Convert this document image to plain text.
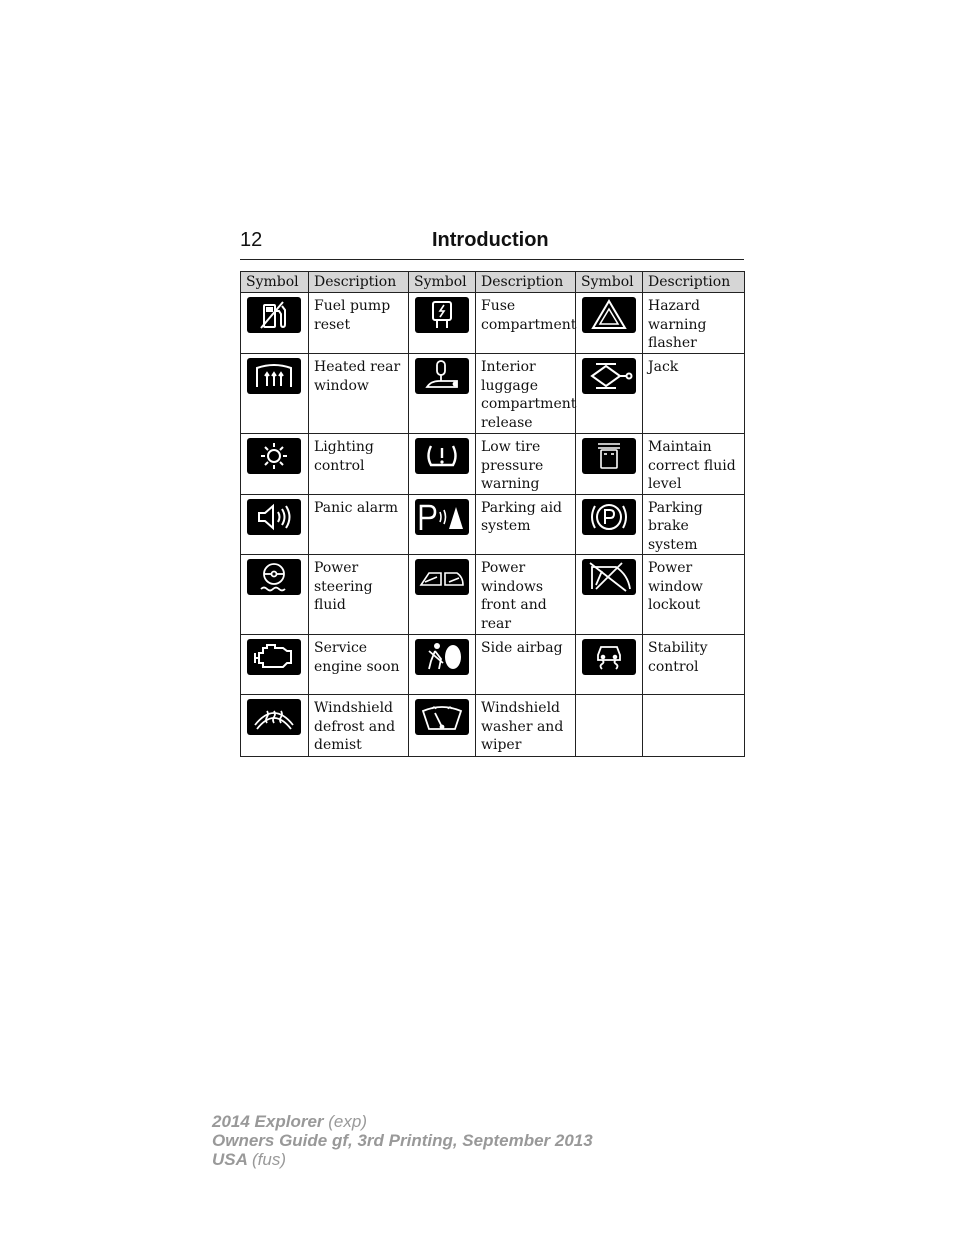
12	Introduction
Symbol	Description	Symbol	Description	Symbol	Description

	Fuel pump reset		Fuse compartment		Hazard warning flasher

	Heated rear window		Interior luggage compartment release		Jack

	Lighting control		Low tire pressure warning		Maintain correct fluid level

	Panic alarm		Parking aid system		Parking brake system

	Power steering fluid		Power windows front and rear		Power window lockout

	Service engine soon		Side airbag		Stability control

	Windshield defrost and demist		Windshield washer and wiper		
2014 Explorer (exp)
Owners Guide gf, 3rd Printing, September 2013
USA (fus)
